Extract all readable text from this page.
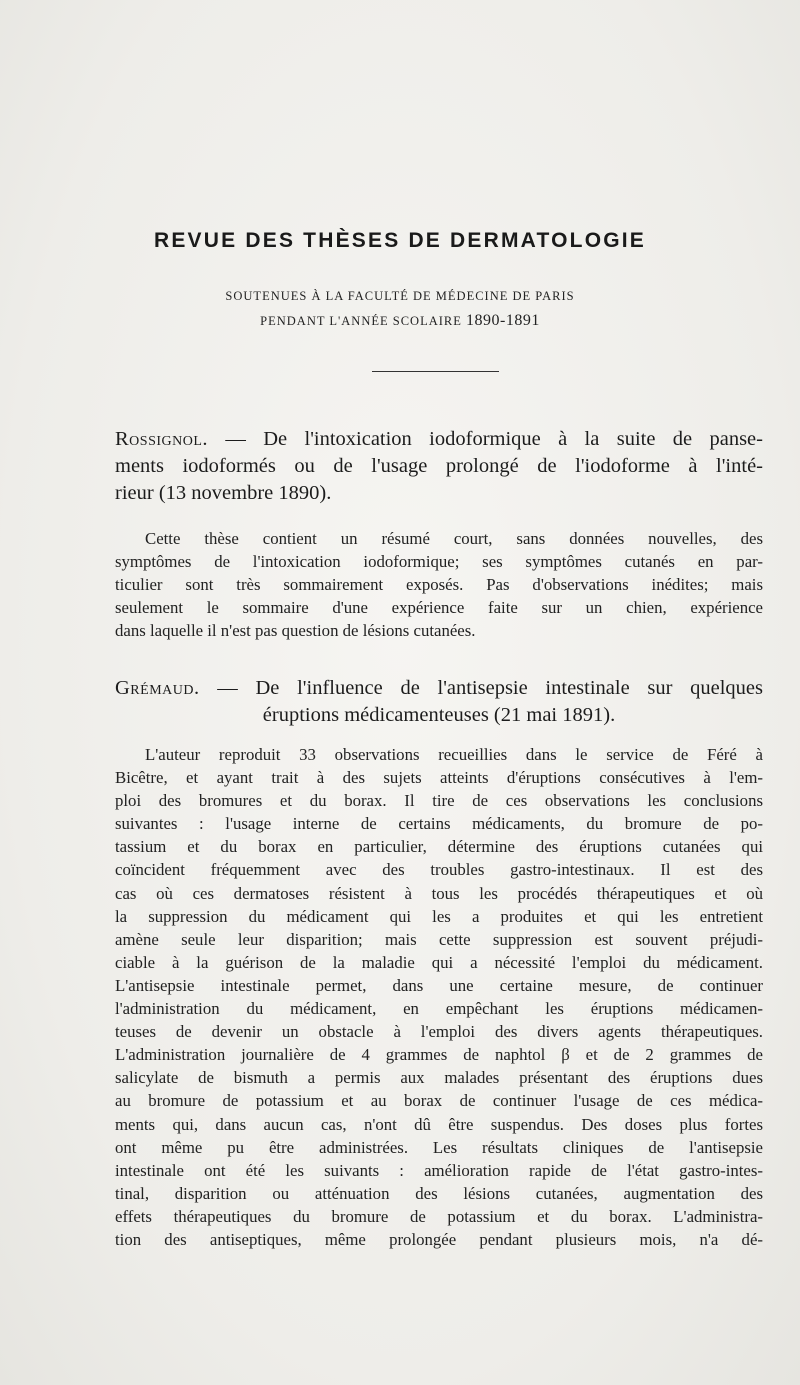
REVUE DES THÈSES DE DERMATOLOGIE
SOUTENUES À LA FACULTÉ DE MÉDECINE DE PARIS
PENDANT L'ANNÉE SCOLAIRE 1890-1891
Rossignol. — De l'intoxication iodoformique à la suite de panse-
ments iodoformés ou de l'usage prolongé de l'iodoforme à l'inté-
rieur (13 novembre 1890).
Cette thèse contient un résumé court, sans données nouvelles, des
symptômes de l'intoxication iodoformique; ses symptômes cutanés en par-
ticulier sont très sommairement exposés. Pas d'observations inédites; mais
seulement le sommaire d'une expérience faite sur un chien, expérience
dans laquelle il n'est pas question de lésions cutanées.
Grémaud. — De l'influence de l'antisepsie intestinale sur quelques
éruptions médicamenteuses (21 mai 1891).
L'auteur reproduit 33 observations recueillies dans le service de Féré à
Bicêtre, et ayant trait à des sujets atteints d'éruptions consécutives à l'em-
ploi des bromures et du borax. Il tire de ces observations les conclusions
suivantes : l'usage interne de certains médicaments, du bromure de po-
tassium et du borax en particulier, détermine des éruptions cutanées qui
coïncident fréquemment avec des troubles gastro-intestinaux. Il est des
cas où ces dermatoses résistent à tous les procédés thérapeutiques et où
la suppression du médicament qui les a produites et qui les entretient
amène seule leur disparition; mais cette suppression est souvent préjudi-
ciable à la guérison de la maladie qui a nécessité l'emploi du médicament.
L'antisepsie intestinale permet, dans une certaine mesure, de continuer
l'administration du médicament, en empêchant les éruptions médicamen-
teuses de devenir un obstacle à l'emploi des divers agents thérapeutiques.
L'administration journalière de 4 grammes de naphtol β et de 2 grammes de
salicylate de bismuth a permis aux malades présentant des éruptions dues
au bromure de potassium et au borax de continuer l'usage de ces médica-
ments qui, dans aucun cas, n'ont dû être suspendus. Des doses plus fortes
ont même pu être administrées. Les résultats cliniques de l'antisepsie
intestinale ont été les suivants : amélioration rapide de l'état gastro-intes-
tinal, disparition ou atténuation des lésions cutanées, augmentation des
effets thérapeutiques du bromure de potassium et du borax. L'administra-
tion des antiseptiques, même prolongée pendant plusieurs mois, n'a dé-
